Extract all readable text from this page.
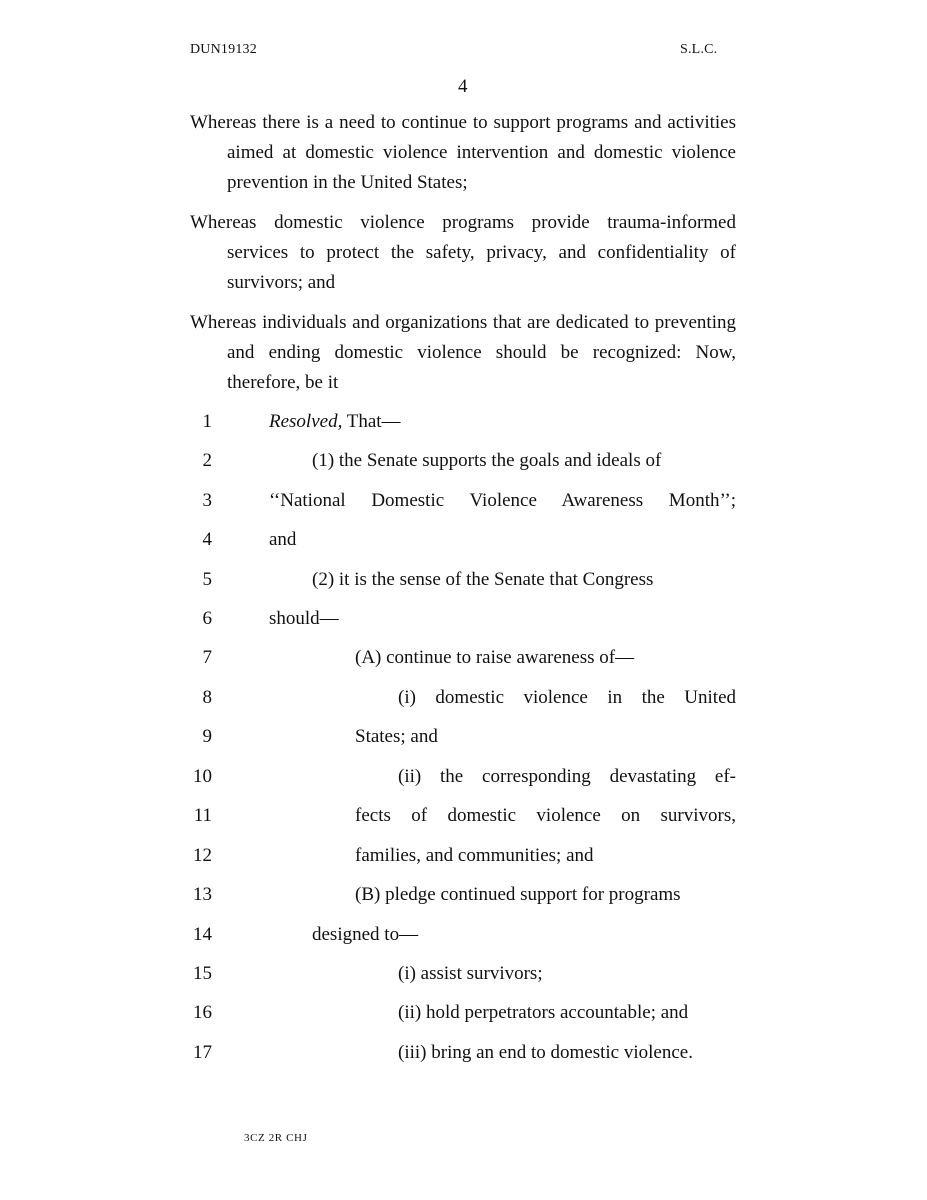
DUN19132	S.L.C.
4
Whereas there is a need to continue to support programs and activities aimed at domestic violence intervention and domestic violence prevention in the United States;
Whereas domestic violence programs provide trauma-informed services to protect the safety, privacy, and confidentiality of survivors; and
Whereas individuals and organizations that are dedicated to preventing and ending domestic violence should be recognized: Now, therefore, be it
1	Resolved, That—
2	(1) the Senate supports the goals and ideals of
3	‘‘National Domestic Violence Awareness Month’’;
4	and
5	(2) it is the sense of the Senate that Congress
6	should—
7	(A) continue to raise awareness of—
8	(i) domestic violence in the United
9	States; and
10	(ii) the corresponding devastating ef-
11	fects of domestic violence on survivors,
12	families, and communities; and
13	(B) pledge continued support for programs
14	designed to—
15	(i) assist survivors;
16	(ii) hold perpetrators accountable; and
17	(iii) bring an end to domestic violence.
3CZ 2R CHJ
